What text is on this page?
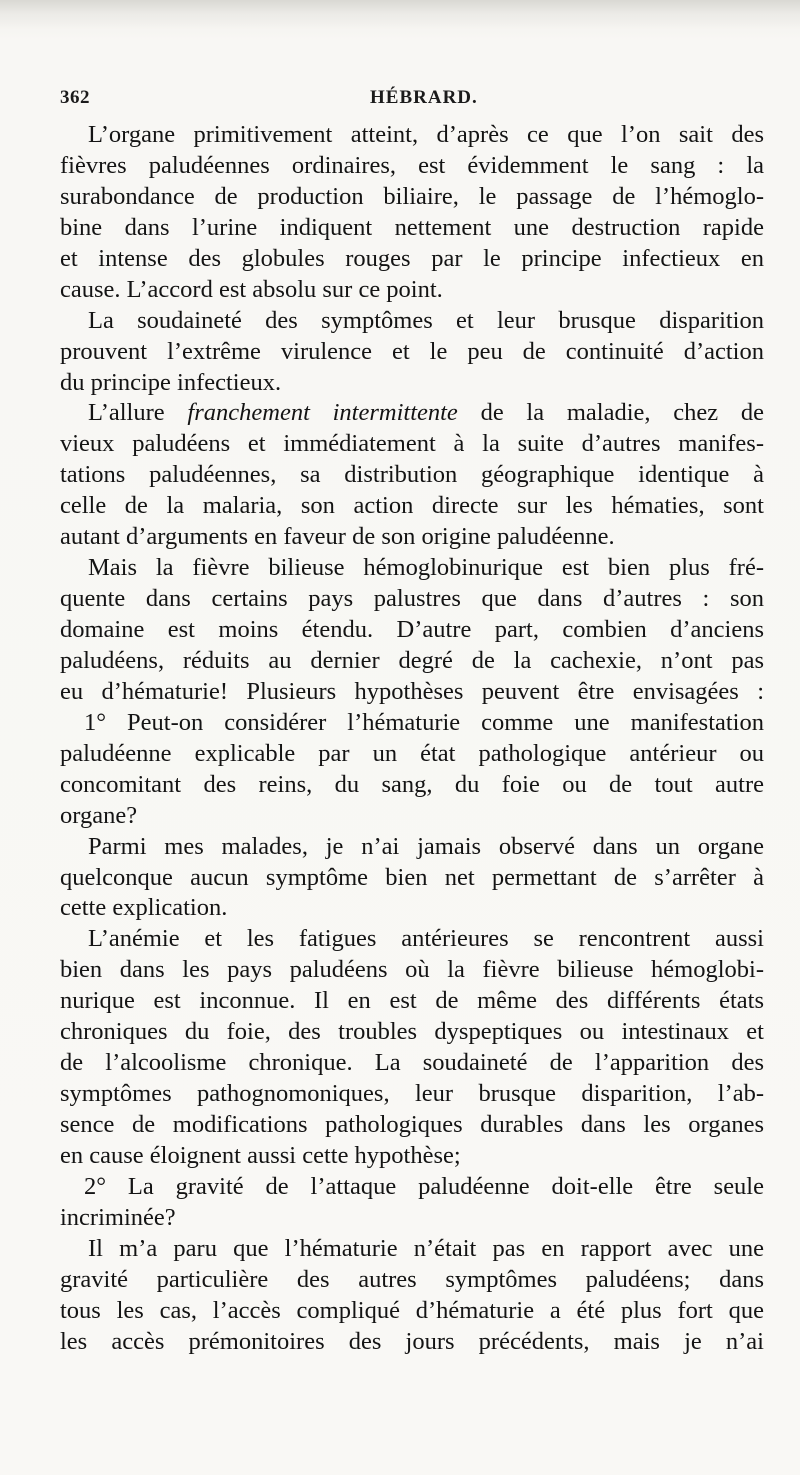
362	HÉBRARD.
L’organe primitivement atteint, d’après ce que l’on sait des
fièvres paludéennes ordinaires, est évidemment le sang : la
surabondance de production biliaire, le passage de l’hémoglo-
bine dans l’urine indiquent nettement une destruction rapide
et intense des globules rouges par le principe infectieux en
cause. L’accord est absolu sur ce point.
La soudaineté des symptômes et leur brusque disparition
prouvent l’extrême virulence et le peu de continuité d’action
du principe infectieux.
L’allure franchement intermittente de la maladie, chez de
vieux paludéens et immédiatement à la suite d’autres manifes-
tations paludéennes, sa distribution géographique identique à
celle de la malaria, son action directe sur les hématies, sont
autant d’arguments en faveur de son origine paludéenne.
Mais la fièvre bilieuse hémoglobinurique est bien plus fré-
quente dans certains pays palustres que dans d’autres : son
domaine est moins étendu. D’autre part, combien d’anciens
paludéens, réduits au dernier degré de la cachexie, n’ont pas
eu d’hématurie! Plusieurs hypothèses peuvent être envisagées :
1° Peut-on considérer l’hématurie comme une manifestation
paludéenne explicable par un état pathologique antérieur ou
concomitant des reins, du sang, du foie ou de tout autre
organe?
Parmi mes malades, je n’ai jamais observé dans un organe
quelconque aucun symptôme bien net permettant de s’arrêter à
cette explication.
L’anémie et les fatigues antérieures se rencontrent aussi
bien dans les pays paludéens où la fièvre bilieuse hémoglobi-
nurique est inconnue. Il en est de même des différents états
chroniques du foie, des troubles dyspeptiques ou intestinaux et
de l’alcoolisme chronique. La soudaineté de l’apparition des
symptômes pathognomoniques, leur brusque disparition, l’ab-
sence de modifications pathologiques durables dans les organes
en cause éloignent aussi cette hypothèse;
2° La gravité de l’attaque paludéenne doit-elle être seule
incriminée?
Il m’a paru que l’hématurie n’était pas en rapport avec une
gravité particulière des autres symptômes paludéens; dans
tous les cas, l’accès compliqué d’hématurie a été plus fort que
les accès prémonitoires des jours précédents, mais je n’ai
